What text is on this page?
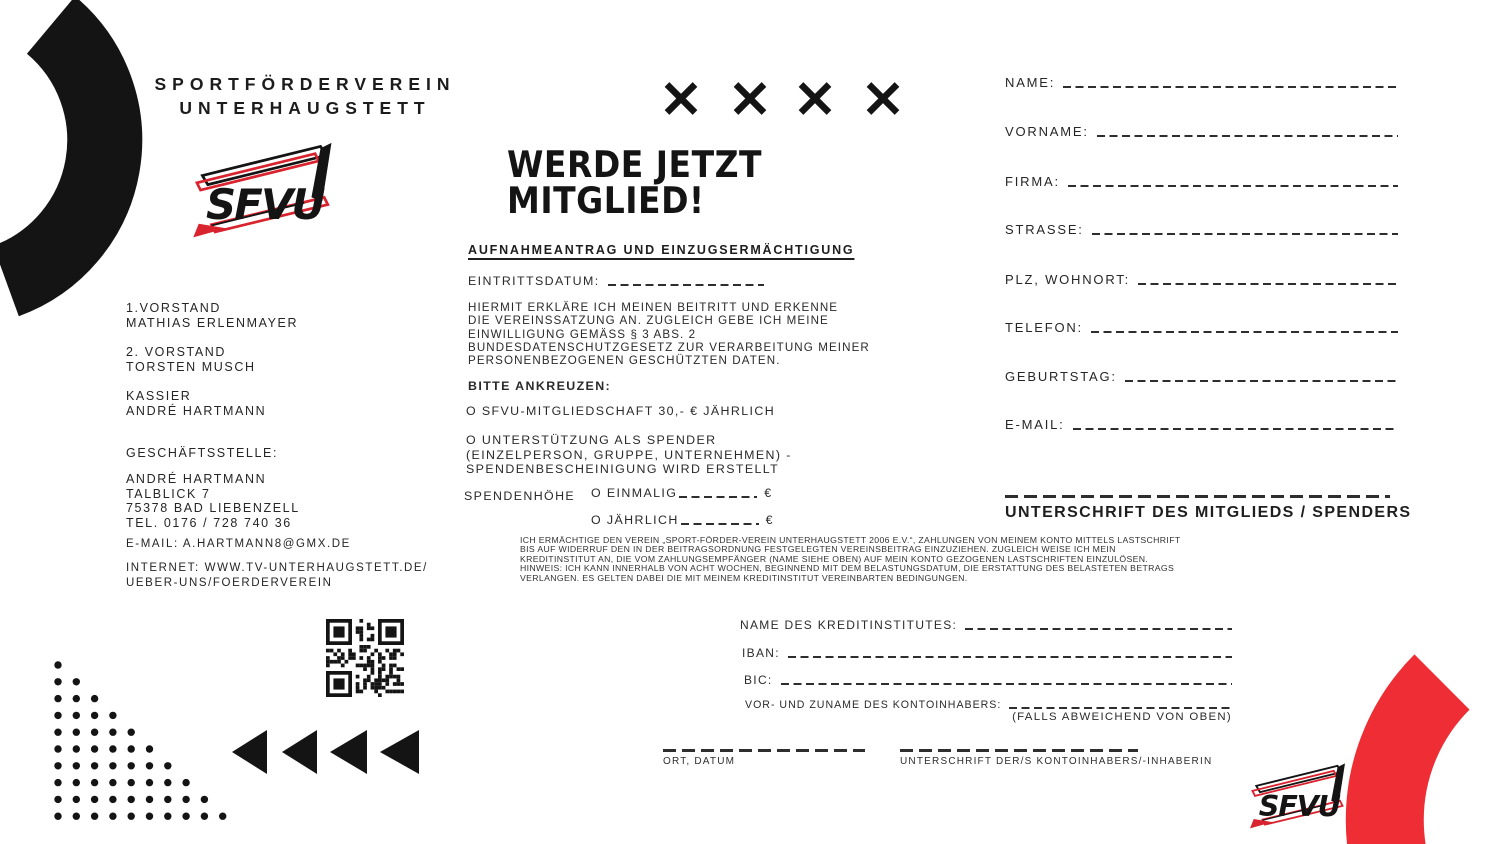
SPORTFÖRDERVEREIN
UNTERHAUGSTETT
1.VORSTAND
MATHIAS ERLENMAYER
2. VORSTAND
TORSTEN MUSCH
KASSIER
ANDRÉ HARTMANN
GESCHÄFTSSTELLE:
ANDRÉ HARTMANN
TALBLICK 7
75378 BAD LIEBENZELL
TEL. 0176 / 728 740 36
E-MAIL: A.HARTMANN8@GMX.DE
INTERNET: WWW.TV-UNTERHAUGSTETT.DE/
UEBER-UNS/FOERDERVEREIN
WERDE JETZT
MITGLIED!
AUFNAHMEANTRAG UND EINZUGSERMÄCHTIGUNG
EINTRITTSDATUM:
HIERMIT ERKLÄRE ICH MEINEN BEITRITT UND ERKENNE
DIE VEREINSSATZUNG AN. ZUGLEICH GEBE ICH MEINE
EINWILLIGUNG GEMÄSS § 3 ABS. 2
BUNDESDATENSCHUTZGESETZ ZUR VERARBEITUNG MEINER
PERSONENBEZOGENEN GESCHÜTZTEN DATEN.
BITTE ANKREUZEN:
O SFVU-MITGLIEDSCHAFT 30,- € JÄHRLICH
O UNTERSTÜTZUNG ALS SPENDER
(EINZELPERSON, GRUPPE, UNTERNEHMEN) -
SPENDENBESCHEINIGUNG WIRD ERSTELLT
SPENDENHÖHE O EINMALIG	€
O JÄHRLICH	€
ICH ERMÄCHTIGE DEN VEREIN „SPORT-FÖRDER-VEREIN UNTERHAUGSTETT 2006 E.V.“, ZAHLUNGEN VON MEINEM KONTO MITTELS LASTSCHRIFT
BIS AUF WIDERRUF DEN IN DER BEITRAGSORDNUNG FESTGELEGTEN VEREINSBEITRAG EINZUZIEHEN. ZUGLEICH WEISE ICH MEIN
KREDITINSTITUT AN, DIE VOM ZAHLUNGSEMPFÄNGER (NAME SIEHE OBEN) AUF MEIN KONTO GEZOGENEN LASTSCHRIFTEN EINZULÖSEN.
HINWEIS: ICH KANN INNERHALB VON ACHT WOCHEN, BEGINNEND MIT DEM BELASTUNGSDATUM, DIE ERSTATTUNG DES BELASTETEN BETRAGS
VERLANGEN. ES GELTEN DABEI DIE MIT MEINEM KREDITINSTITUT VEREINBARTEN BEDINGUNGEN.
NAME DES KREDITINSTITUTES:
IBAN:
BIC:
VOR- UND ZUNAME DES KONTOINHABERS:
(FALLS ABWEICHEND VON OBEN)
ORT, DATUM	UNTERSCHRIFT DER/S KONTOINHABERS/-INHABERIN
NAME:
VORNAME:
FIRMA:
STRASSE:
PLZ, WOHNORT:
TELEFON:
GEBURTSTAG:
E-MAIL:
UNTERSCHRIFT DES MITGLIEDS / SPENDERS
